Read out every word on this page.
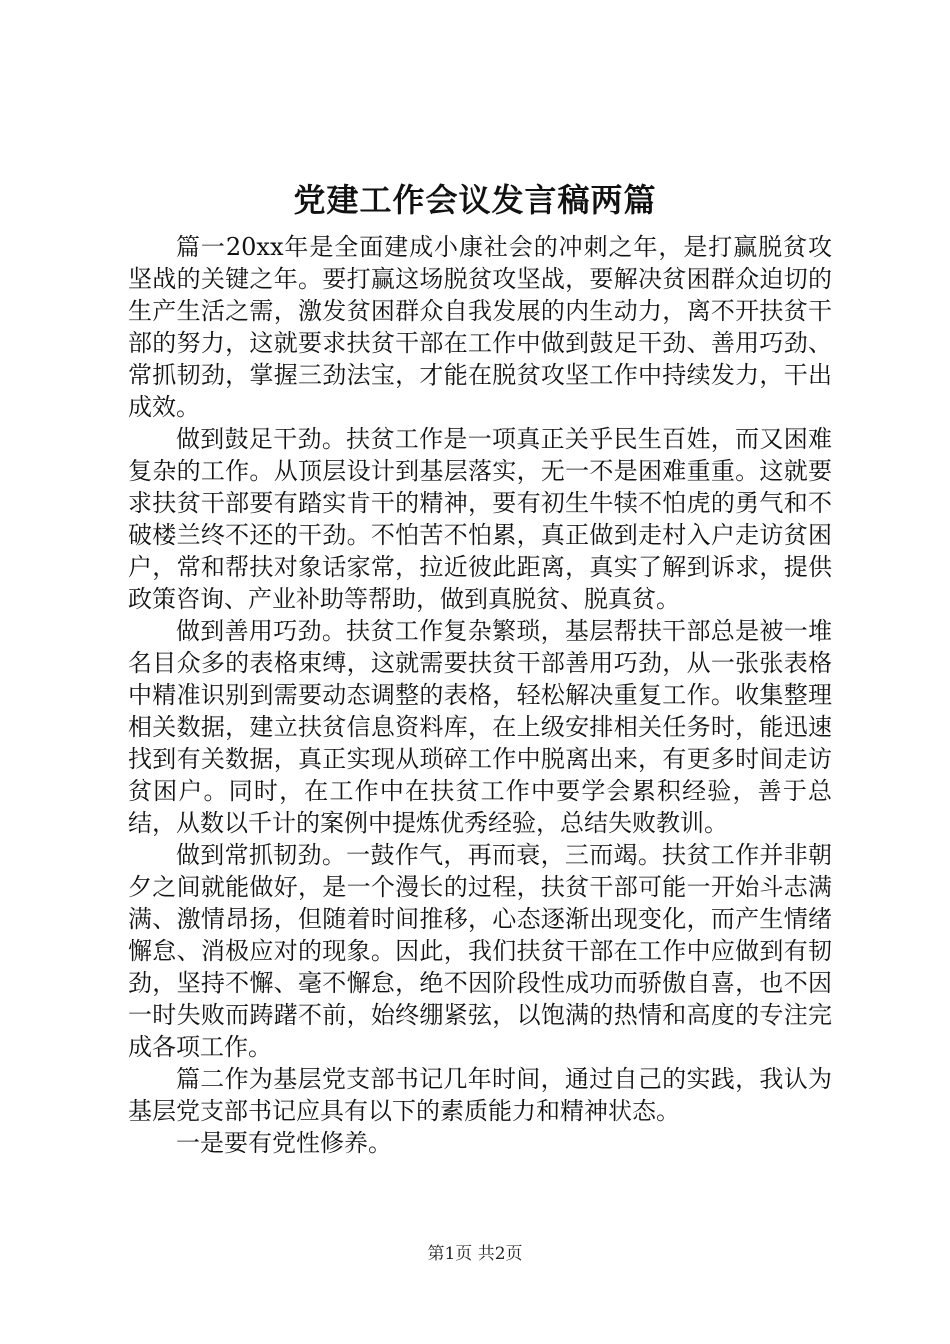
党建工作会议发言稿两篇

篇一20xx年是全面建成小康社会的冲刺之年，是打赢脱贫攻坚战的关键之年。要打赢这场脱贫攻坚战，要解决贫困群众迫切的生产生活之需，激发贫困群众自我发展的内生动力，离不开扶贫干部的努力，这就要求扶贫干部在工作中做到鼓足干劲、善用巧劲、常抓韧劲，掌握三劲法宝，才能在脱贫攻坚工作中持续发力，干出成效。

做到鼓足干劲。扶贫工作是一项真正关乎民生百姓，而又困难复杂的工作。从顶层设计到基层落实，无一不是困难重重。这就要求扶贫干部要有踏实肯干的精神，要有初生牛犊不怕虎的勇气和不破楼兰终不还的干劲。不怕苦不怕累，真正做到走村入户走访贫困户，常和帮扶对象话家常，拉近彼此距离，真实了解到诉求，提供政策咨询、产业补助等帮助，做到真脱贫、脱真贫。

做到善用巧劲。扶贫工作复杂繁琐，基层帮扶干部总是被一堆名目众多的表格束缚，这就需要扶贫干部善用巧劲，从一张张表格中精准识别到需要动态调整的表格，轻松解决重复工作。收集整理相关数据，建立扶贫信息资料库，在上级安排相关任务时，能迅速找到有关数据，真正实现从琐碎工作中脱离出来，有更多时间走访贫困户。同时，在工作中在扶贫工作中要学会累积经验，善于总结，从数以千计的案例中提炼优秀经验，总结失败教训。

做到常抓韧劲。一鼓作气，再而衰，三而竭。扶贫工作并非朝夕之间就能做好，是一个漫长的过程，扶贫干部可能一开始斗志满满、激情昂扬，但随着时间推移，心态逐渐出现变化，而产生情绪懈怠、消极应对的现象。因此，我们扶贫干部在工作中应做到有韧劲，坚持不懈、毫不懈怠，绝不因阶段性成功而骄傲自喜，也不因一时失败而踌躇不前，始终绷紧弦，以饱满的热情和高度的专注完成各项工作。

篇二作为基层党支部书记几年时间，通过自己的实践，我认为基层党支部书记应具有以下的素质能力和精神状态。

一是要有党性修养。

第1页 共2页
